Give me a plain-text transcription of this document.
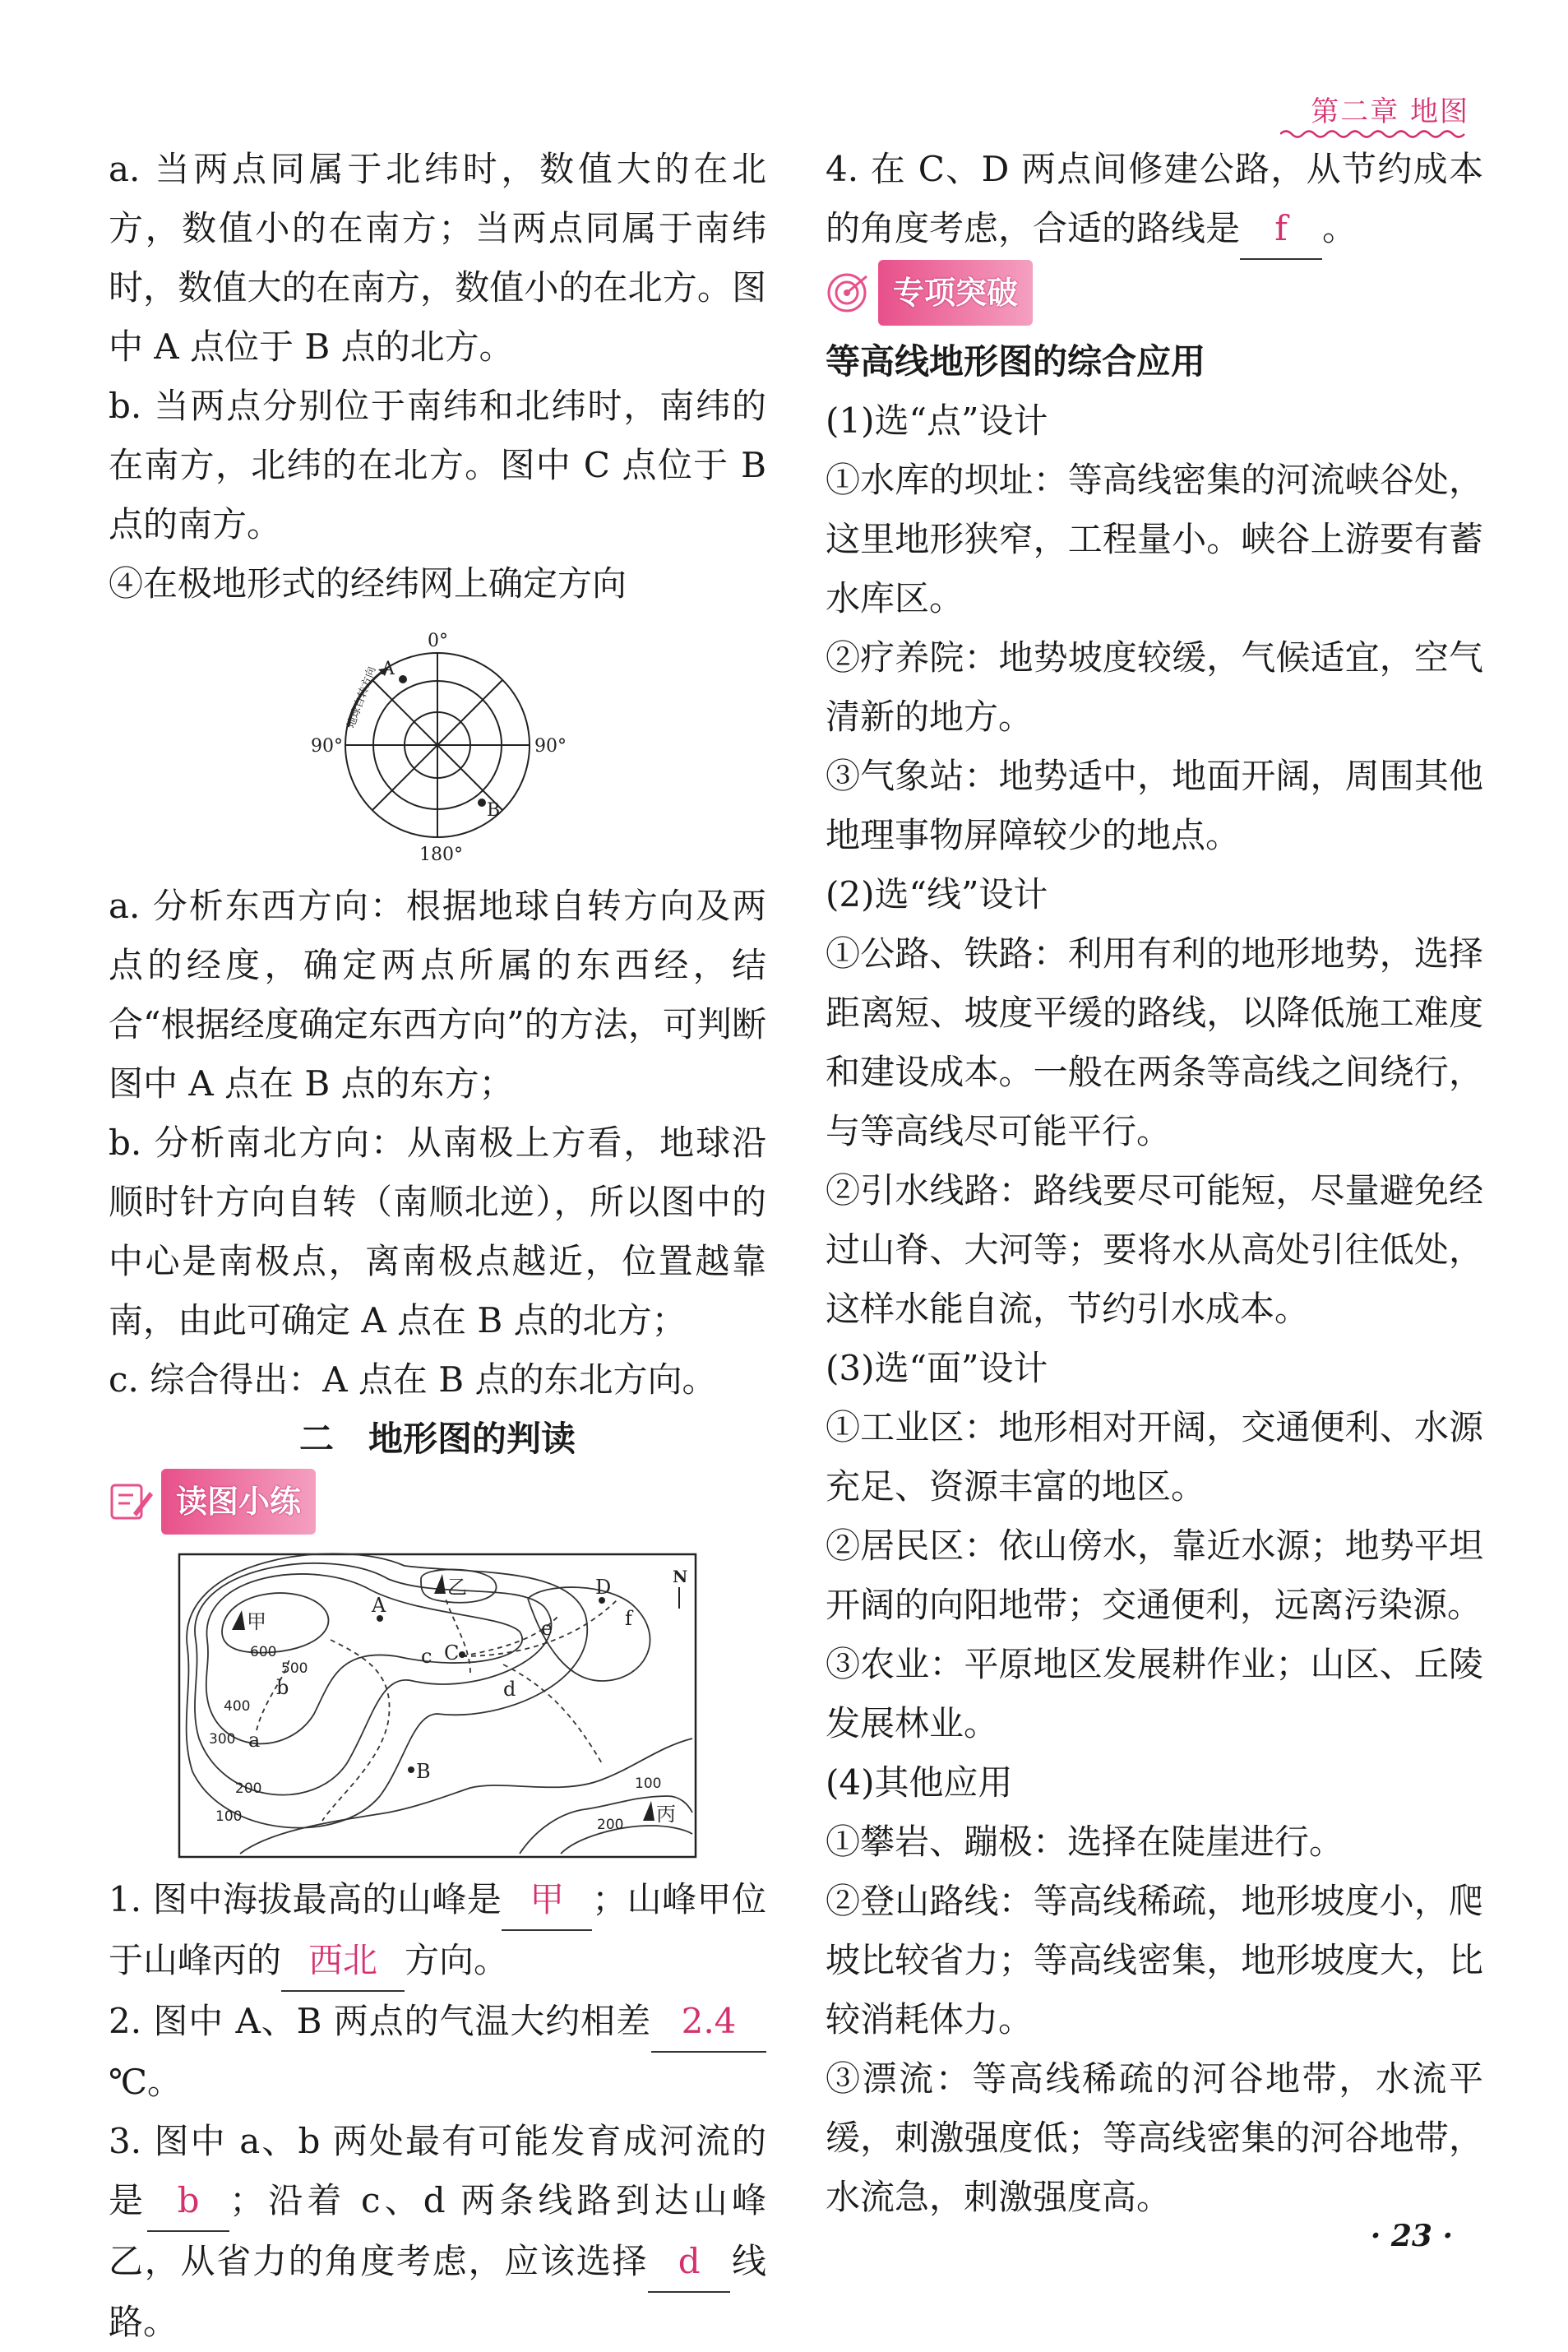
第二章 地图

a. 当两点同属于北纬时，数值大的在北方，数值小的在南方；当两点同属于南纬时，数值大的在南方，数值小的在北方。图中 A 点位于 B 点的北方。

b. 当两点分别位于南纬和北纬时，南纬的在南方，北纬的在北方。图中 C 点位于 B 点的南方。

④在极地形式的经纬网上确定方向

0°
90°	90°
180°
A
B
地球自转方向

a. 分析东西方向：根据地球自转方向及两点的经度，确定两点所属的东西经，结合“根据经度确定东西方向”的方法，可判断图中 A 点在 B 点的东方；

b. 分析南北方向：从南极上方看，地球沿顺时针方向自转（南顺北逆），所以图中的中心是南极点，离南极点越近，位置越靠南，由此可确定 A 点在 B 点的北方；

c. 综合得出：A 点在 B 点的东北方向。

二　地形图的判读

读图小练
甲
乙
丙
A
B
C
D
a
b
c
d
e	f
N
600
500
400
300
200
100
100
200

1. 图中海拔最高的山峰是 甲 ；山峰甲位于山峰丙的 西北 方向。

2. 图中 A、B 两点的气温大约相差 2.4℃。

3. 图中 a、b 两处最有可能发育成河流的是 b ；沿着 c、d 两条线路到达山峰乙，从省力的角度考虑，应该选择 d 线路。

4. 在 C、D 两点间修建公路，从节约成本的角度考虑，合适的路线是 f 。

专项突破

等高线地形图的综合应用

(1)选“点”设计

①水库的坝址：等高线密集的河流峡谷处，这里地形狭窄，工程量小。峡谷上游要有蓄水库区。

②疗养院：地势坡度较缓，气候适宜，空气清新的地方。

③气象站：地势适中，地面开阔，周围其他地理事物屏障较少的地点。

(2)选“线”设计

①公路、铁路：利用有利的地形地势，选择距离短、坡度平缓的路线，以降低施工难度和建设成本。一般在两条等高线之间绕行，与等高线尽可能平行。

②引水线路：路线要尽可能短，尽量避免经过山脊、大河等；要将水从高处引往低处，这样水能自流，节约引水成本。

(3)选“面”设计

①工业区：地形相对开阔，交通便利、水源充足、资源丰富的地区。

②居民区：依山傍水，靠近水源；地势平坦开阔的向阳地带；交通便利，远离污染源。

③农业：平原地区发展耕作业；山区、丘陵发展林业。

(4)其他应用

①攀岩、蹦极：选择在陡崖进行。

②登山路线：等高线稀疏，地形坡度小，爬坡比较省力；等高线密集，地形坡度大，比较消耗体力。

③漂流：等高线稀疏的河谷地带，水流平缓，刺激强度低；等高线密集的河谷地带，水流急，刺激强度高。

· 23 ·
